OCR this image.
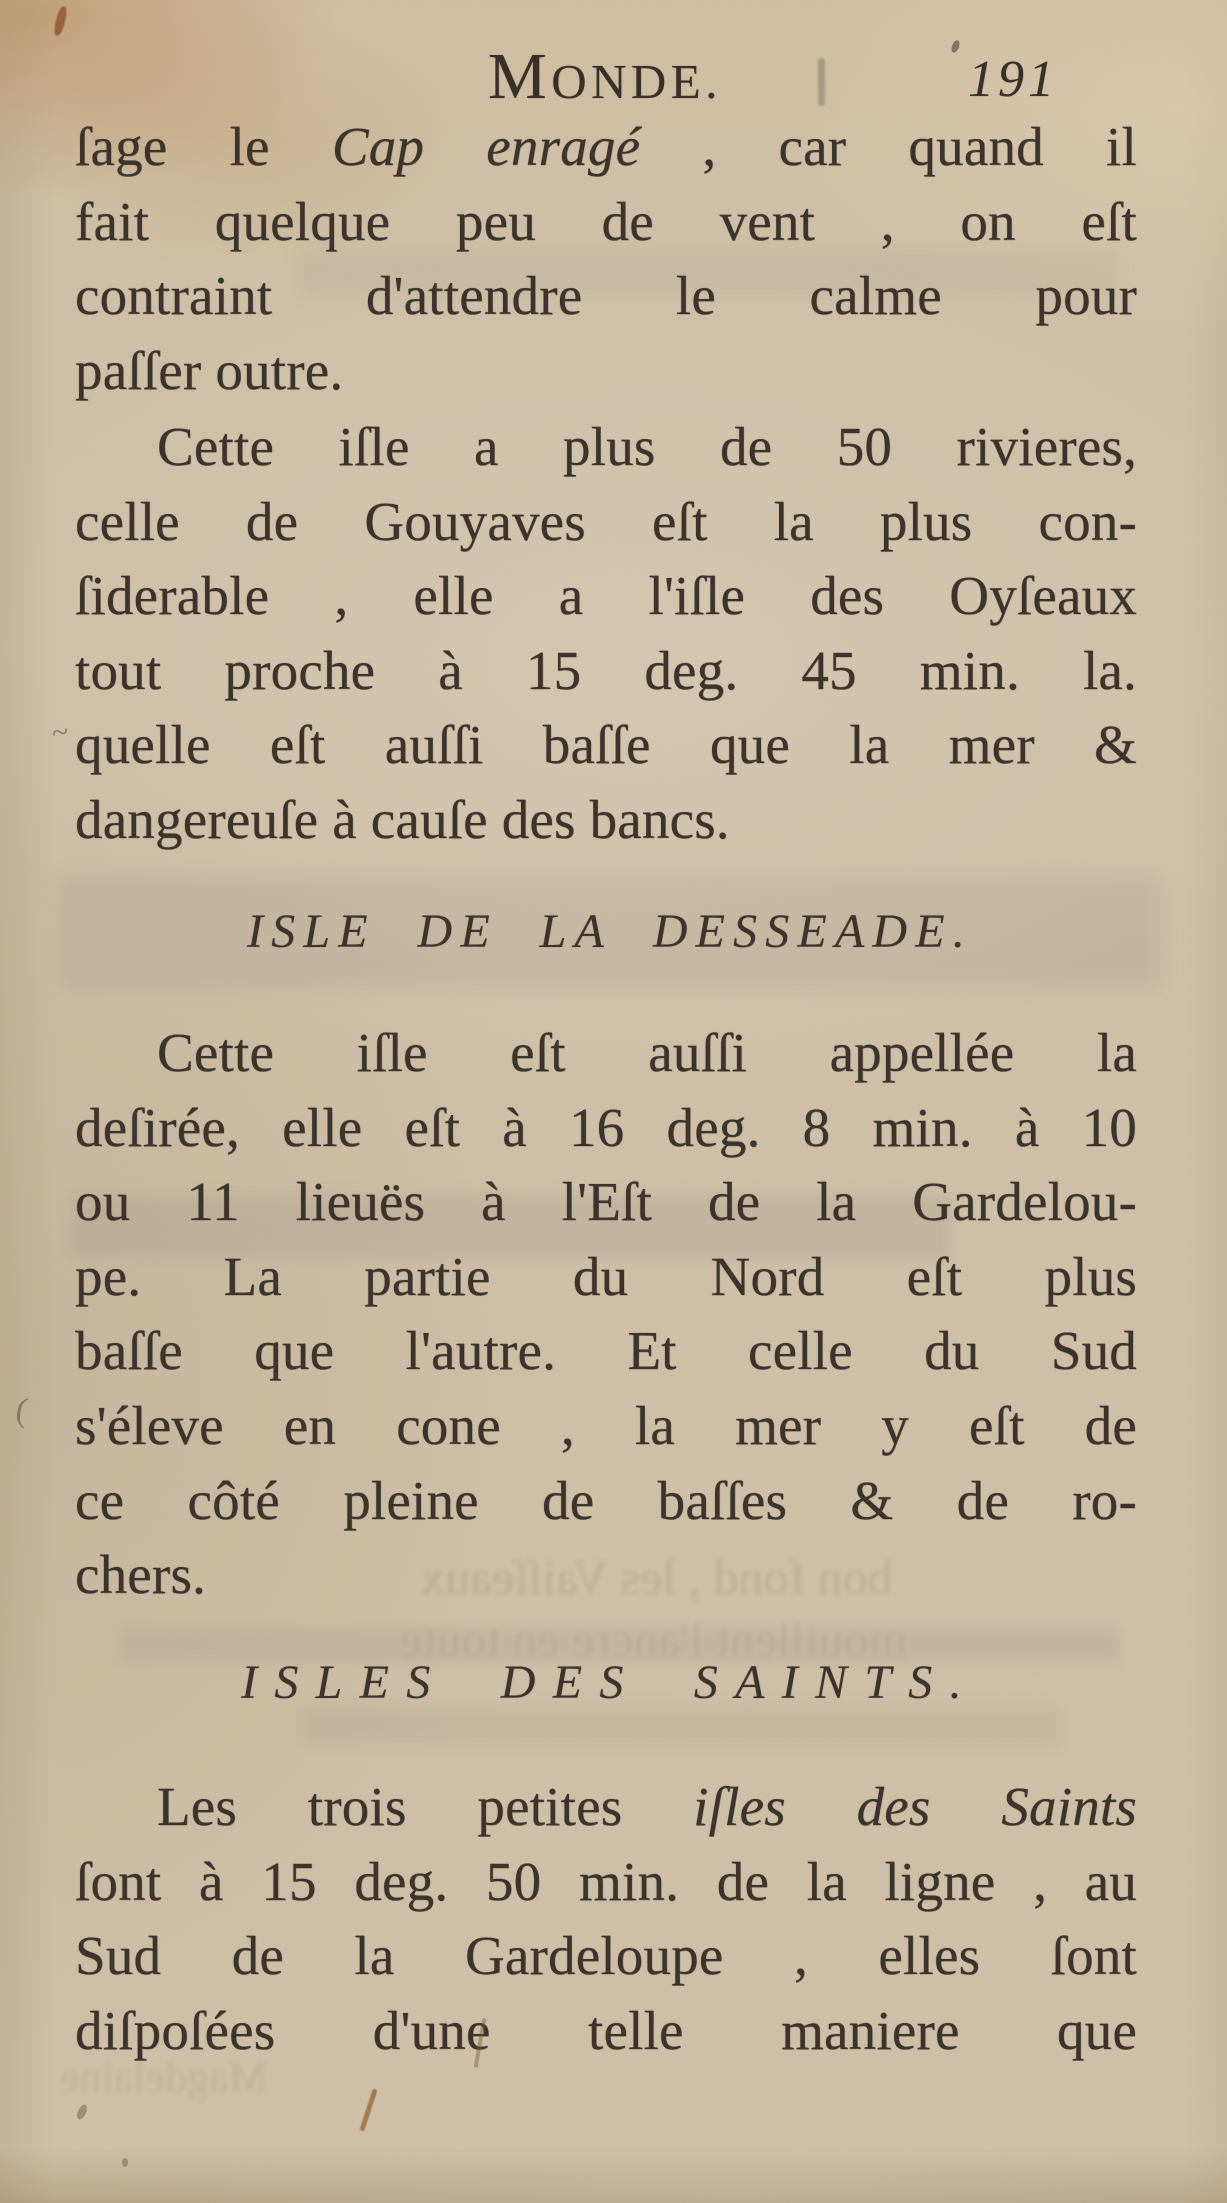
bon fond , les Vaiſſeaux
mouillent l'ancre en toute
Magdelaine
MONDE.	191
ſage le Cap enragé , car quand il
fait quelque peu de vent , on eſt
contraint d'attendre le calme pour
paſſer outre.
Cette iſle a plus de 50 rivieres,
celle de Gouyaves eſt la plus con-
ſiderable , elle a l'iſle des Oyſeaux
tout proche à 15 deg. 45 min. la.
quelle eſt auſſi baſſe que la mer &
dangereuſe à cauſe des bancs.
ISLE DE LA DESSEADE.
Cette iſle eſt auſſi appellée la
deſirée, elle eſt à 16 deg. 8 min. à 10
ou 11 lieuës à l'Eſt de la Gardelou-
pe. La partie du Nord eſt plus
baſſe que l'autre. Et celle du Sud
s'éleve en cone , la mer y eſt de
ce côté pleine de baſſes & de ro-
chers.
ISLES DES SAINTS.
Les trois petites iſles des Saints
ſont à 15 deg. 50 min. de la ligne , au
Sud de la Gardeloupe , elles ſont
diſpoſées d'une telle maniere que
~
(
